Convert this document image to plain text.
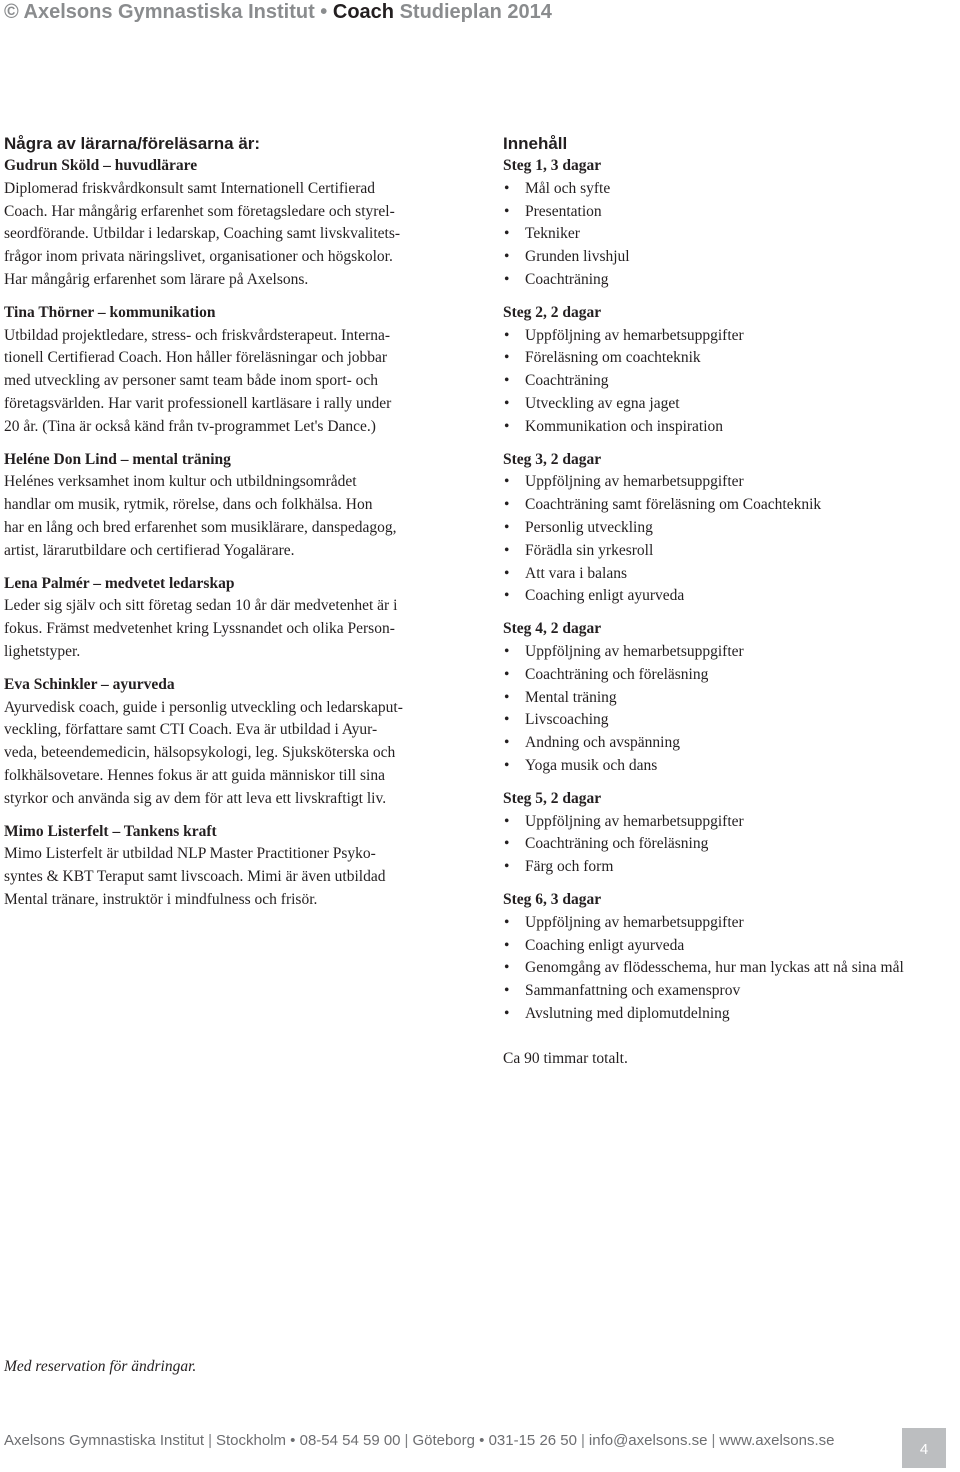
© Axelsons Gymnastiska Institut • Coach Studieplan 2014
Några av lärarna/föreläsarna är:
Gudrun Sköld – huvudlärare
Diplomerad friskvårdkonsult samt Internationell Certifierad
Coach. Har mångårig erfarenhet som företagsledare och styrel-
seordförande. Utbildar i ledarskap, Coaching samt livskvalitets-
frågor inom privata näringslivet, organisationer och högskolor.
Har mångårig erfarenhet som lärare på Axelsons.
Tina Thörner – kommunikation
Utbildad projektledare, stress- och friskvårdsterapeut. Interna-
tionell Certifierad Coach. Hon håller föreläsningar och jobbar
med utveckling av personer samt team både inom sport- och
företagsvärlden. Har varit professionell kartläsare i rally under
20 år. (Tina är också känd från tv-programmet Let's Dance.)
Heléne Don Lind – mental träning
Helénes verksamhet inom kultur och utbildningsområdet
handlar om musik, rytmik, rörelse, dans och folkhälsa. Hon
har en lång och bred erfarenhet som musiklärare, danspedagog,
artist, lärarutbildare och certifierad Yogalärare.
Lena Palmér – medvetet ledarskap
Leder sig själv och sitt företag sedan 10 år där medvetenhet är i
fokus. Främst medvetenhet kring Lyssnandet och olika Person-
lighetstyper.
Eva Schinkler – ayurveda
Ayurvedisk coach, guide i personlig utveckling och ledarskaput-
veckling, författare samt CTI Coach. Eva är utbildad i Ayur-
veda, beteendemedicin, hälsopsykologi, leg. Sjuksköterska och
folkhälsovetare. Hennes fokus är att guida människor till sina
styrkor och använda sig av dem för att leva ett livskraftigt liv.
Mimo Listerfelt – Tankens kraft
Mimo Listerfelt är utbildad NLP Master Practitioner Psyko-
syntes & KBT Teraput samt livscoach. Mimi är även utbildad
Mental tränare, instruktör i mindfulness och frisör.
Innehåll
Steg 1, 3 dagar
• Mål och syfte
• Presentation
• Tekniker
• Grunden livshjul
• Coachträning
Steg 2, 2 dagar
• Uppföljning av hemarbetsuppgifter
• Föreläsning om coachteknik
• Coachträning
• Utveckling av egna jaget
• Kommunikation och inspiration
Steg 3, 2 dagar
• Uppföljning av hemarbetsuppgifter
• Coachträning samt föreläsning om Coachteknik
• Personlig utveckling
• Förädla sin yrkesroll
• Att vara i balans
• Coaching enligt ayurveda
Steg 4, 2 dagar
• Uppföljning av hemarbetsuppgifter
• Coachträning och föreläsning
• Mental träning
• Livscoaching
• Andning och avspänning
• Yoga musik och dans
Steg 5, 2 dagar
• Uppföljning av hemarbetsuppgifter
• Coachträning och föreläsning
• Färg och form
Steg 6, 3 dagar
• Uppföljning av hemarbetsuppgifter
• Coaching enligt ayurveda
• Genomgång av flödesschema, hur man lyckas att nå sina mål
• Sammanfattning och examensprov
• Avslutning med diplomutdelning
Ca 90 timmar totalt.
Med reservation för ändringar.
Axelsons Gymnastiska Institut | Stockholm • 08-54 54 59 00 | Göteborg • 031-15 26 50 | info@axelsons.se | www.axelsons.se
4
